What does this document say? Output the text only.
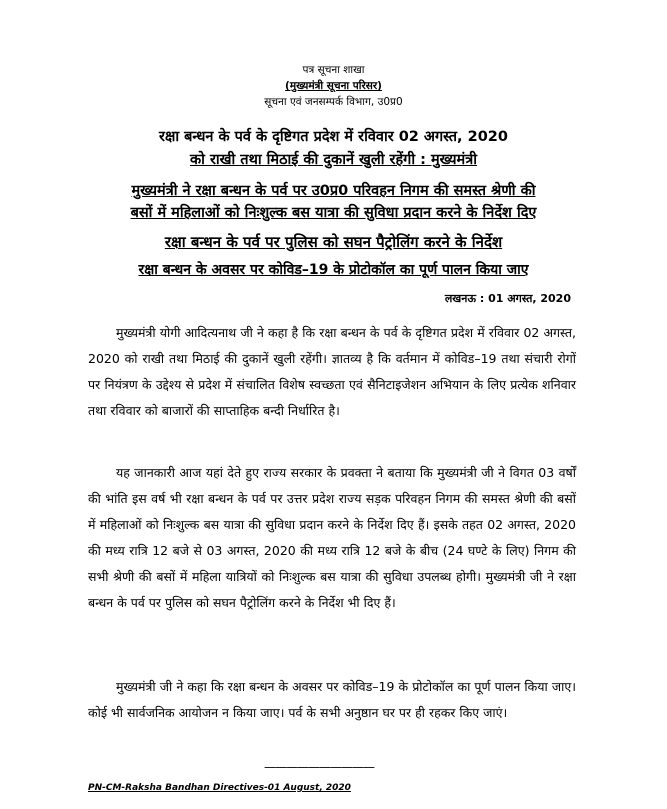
पत्र सूचना शाखा
(मुख्यमंत्री सूचना परिसर)
सूचना एवं जनसम्पर्क विभाग, उ0प्र0
रक्षा बन्धन के पर्व के दृष्टिगत प्रदेश में रविवार 02 अगस्त, 2020
को राखी तथा मिठाई की दुकानें खुली रहेंगी : मुख्यमंत्री
मुख्यमंत्री ने रक्षा बन्धन के पर्व पर उ0प्र0 परिवहन निगम की समस्त श्रेणी की
बसों में महिलाओं को निःशुल्क बस यात्रा की सुविधा प्रदान करने के निर्देश दिए
रक्षा बन्धन के पर्व पर पुलिस को सघन पैट्रोलिंग करने के निर्देश
रक्षा बन्धन के अवसर पर कोविड–19 के प्रोटोकॉल का पूर्ण पालन किया जाए
लखनऊ : 01 अगस्त, 2020

मुख्यमंत्री योगी आदित्यनाथ जी ने कहा है कि रक्षा बन्धन के पर्व के दृष्टिगत प्रदेश में रविवार 02 अगस्त, 2020 को राखी तथा मिठाई की दुकानें खुली रहेंगी। ज्ञातव्य है कि वर्तमान में कोविड–19 तथा संचारी रोगों पर नियंत्रण के उद्देश्य से प्रदेश में संचालित विशेष स्वच्छता एवं सैनिटाइजेशन अभियान के लिए प्रत्येक शनिवार तथा रविवार को बाजारों की साप्ताहिक बन्दी निर्धारित है।

यह जानकारी आज यहां देते हुए राज्य सरकार के प्रवक्ता ने बताया कि मुख्यमंत्री जी ने विगत 03 वर्षों की भांति इस वर्ष भी रक्षा बन्धन के पर्व पर उत्तर प्रदेश राज्य सड़क परिवहन निगम की समस्त श्रेणी की बसों में महिलाओं को निःशुल्क बस यात्रा की सुविधा प्रदान करने के निर्देश दिए हैं। इसके तहत 02 अगस्त, 2020 की मध्य रात्रि 12 बजे से 03 अगस्त, 2020 की मध्य रात्रि 12 बजे के बीच (24 घण्टे के लिए) निगम की सभी श्रेणी की बसों में महिला यात्रियों को निःशुल्क बस यात्रा की सुविधा उपलब्ध होगी। मुख्यमंत्री जी ने रक्षा बन्धन के पर्व पर पुलिस को सघन पैट्रोलिंग करने के निर्देश भी दिए हैं।

मुख्यमंत्री जी ने कहा कि रक्षा बन्धन के अवसर पर कोविड–19 के प्रोटोकॉल का पूर्ण पालन किया जाए। कोई भी सार्वजनिक आयोजन न किया जाए। पर्व के सभी अनुष्ठान घर पर ही रहकर किए जाएं।

——————————
PN-CM-Raksha Bandhan Directives-01 August, 2020
